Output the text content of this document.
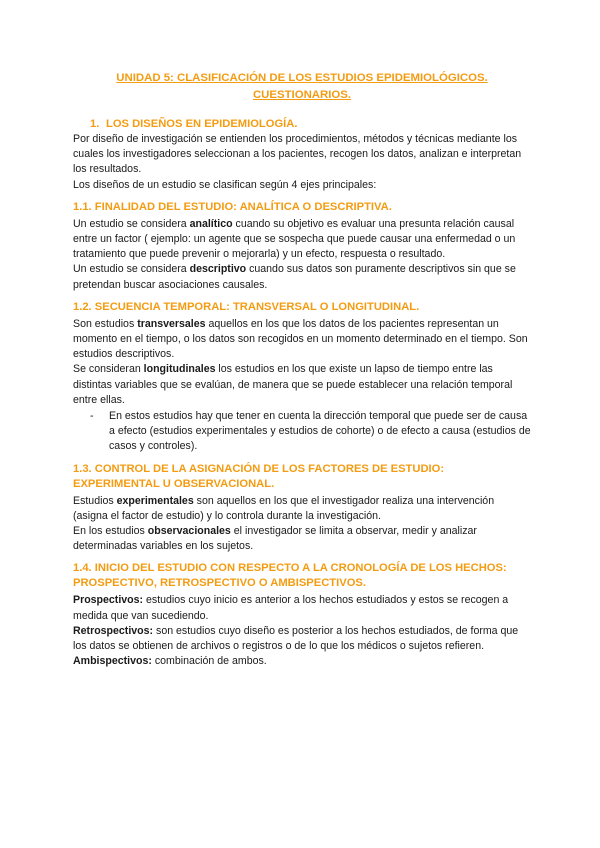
UNIDAD 5: CLASIFICACIÓN DE LOS ESTUDIOS EPIDEMIOLÓGICOS.
CUESTIONARIOS.
1. LOS DISEÑOS EN EPIDEMIOLOGÍA.

Por diseño de investigación se entienden los procedimientos, métodos y técnicas mediante los cuales los investigadores seleccionan a los pacientes, recogen los datos, analizan e interpretan los resultados.

Los diseños de un estudio se clasifican según 4 ejes principales:

1.1. FINALIDAD DEL ESTUDIO: ANALÍTICA O DESCRIPTIVA.

Un estudio se considera analítico cuando su objetivo es evaluar una presunta relación causal entre un factor ( ejemplo: un agente que se sospecha que puede causar una enfermedad o un tratamiento que puede prevenir o mejorarla) y un efecto, respuesta o resultado.

Un estudio se considera descriptivo cuando sus datos son puramente descriptivos sin que se pretendan buscar asociaciones causales.

1.2. SECUENCIA TEMPORAL: TRANSVERSAL O LONGITUDINAL.

Son estudios transversales aquellos en los que los datos de los pacientes representan un momento en el tiempo, o los datos son recogidos en un momento determinado en el tiempo. Son estudios descriptivos.

Se consideran longitudinales los estudios en los que existe un lapso de tiempo entre las distintas variables que se evalúan, de manera que se puede establecer una relación temporal entre ellas.

- En estos estudios hay que tener en cuenta la dirección temporal que puede ser de causa a efecto (estudios experimentales y estudios de cohorte) o de efecto a causa (estudios de casos y controles).

1.3. CONTROL DE LA ASIGNACIÓN DE LOS FACTORES DE ESTUDIO: EXPERIMENTAL U OBSERVACIONAL.

Estudios experimentales son aquellos en los que el investigador realiza una intervención (asigna el factor de estudio) y lo controla durante la investigación.

En los estudios observacionales el investigador se limita a observar, medir y analizar determinadas variables en los sujetos.

1.4. INICIO DEL ESTUDIO CON RESPECTO A LA CRONOLOGÍA DE LOS HECHOS: PROSPECTIVO, RETROSPECTIVO O AMBISPECTIVOS.

Prospectivos: estudios cuyo inicio es anterior a los hechos estudiados y estos se recogen a medida que van sucediendo.

Retrospectivos: son estudios cuyo diseño es posterior a los hechos estudiados, de forma que los datos se obtienen de archivos o registros o de lo que los médicos o sujetos refieren.

Ambispectivos: combinación de ambos.
